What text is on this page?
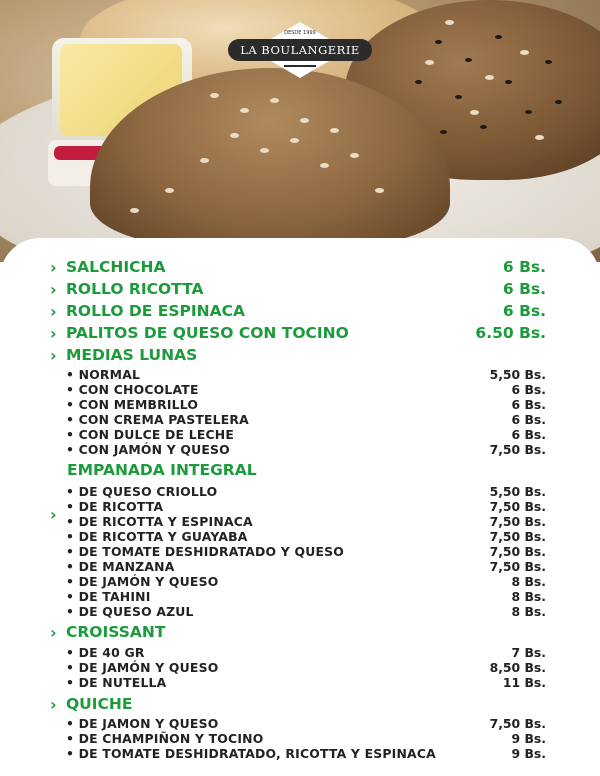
DESDE 1999
LA BOULANGERIE
› SALCHICHA	6 Bs.
› ROLLO RICOTTA	6 Bs.
› ROLLO DE ESPINACA	6 Bs.
› PALITOS DE QUESO CON TOCINO	6.50 Bs.
› MEDIAS LUNAS
• NORMAL	5,50 Bs.
• CON CHOCOLATE	6 Bs.
• CON MEMBRILLO	6 Bs.
• CON CREMA PASTELERA	6 Bs.
• CON DULCE DE LECHE	6 Bs.
• CON JAMÓN Y QUESO	7,50 Bs.
EMPANADA INTEGRAL
›
• DE QUESO CRIOLLO	5,50 Bs.
• DE RICOTTA	7,50 Bs.
• DE RICOTTA Y ESPINACA	7,50 Bs.
• DE RICOTTA Y GUAYABA	7,50 Bs.
• DE TOMATE DESHIDRATADO Y QUESO	7,50 Bs.
• DE MANZANA	7,50 Bs.
• DE JAMÓN Y QUESO	8 Bs.
• DE TAHINI	8 Bs.
• DE QUESO AZUL	8 Bs.
› CROISSANT
• DE 40 GR	7 Bs.
• DE JAMÓN Y QUESO	8,50 Bs.
• DE NUTELLA	11 Bs.
› QUICHE
• DE JAMON Y QUESO	7,50 Bs.
• DE CHAMPIÑON Y TOCINO	9 Bs.
• DE TOMATE DESHIDRATADO, RICOTTA Y ESPINACA	9 Bs.
